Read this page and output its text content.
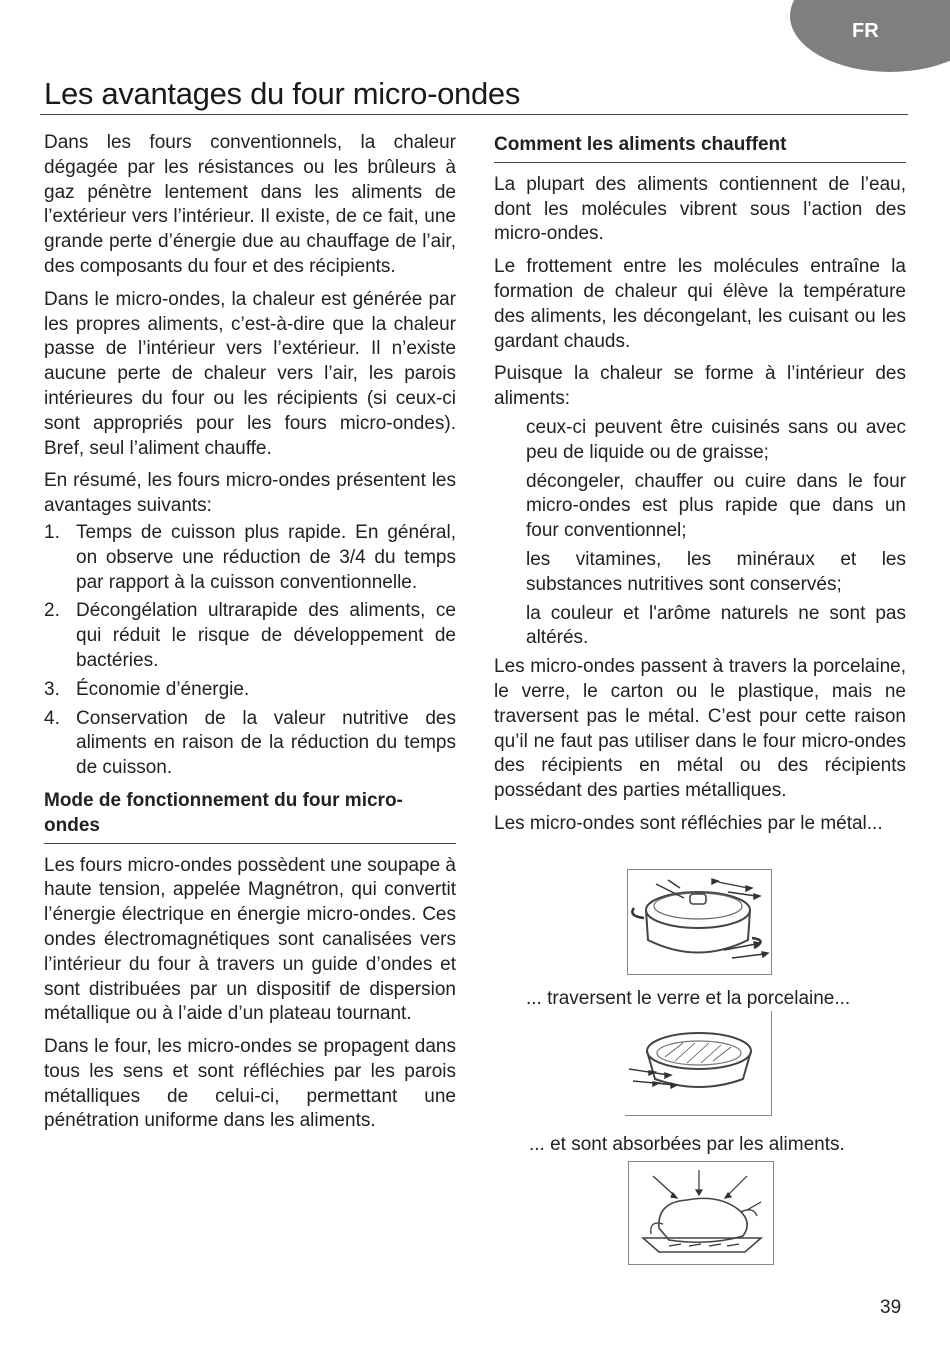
FR
Les avantages du four micro-ondes

Dans les fours conventionnels, la chaleur dégagée par les résistances ou les brûleurs à gaz pénètre lentement dans les aliments de l’extérieur vers l’intérieur. Il existe, de ce fait, une grande perte d’énergie due au chauffage de l’air, des composants du four et des récipients.

Dans le micro-ondes, la chaleur est générée par les propres aliments, c’est-à-dire que la chaleur passe de l’intérieur vers l’extérieur. Il n’existe aucune perte de chaleur vers l’air, les parois intérieures du four ou les récipients (si ceux-ci sont appropriés pour les fours micro-ondes). Bref, seul l’aliment chauffe.

En résumé, les fours micro-ondes présentent les avantages suivants:

1. Temps de cuisson plus rapide. En général, on observe une réduction de 3/4 du temps par rapport à la cuisson conventionnelle.
2. Décongélation ultrarapide des aliments, ce qui réduit le risque de développement de bactéries.
3. Économie d’énergie.
4. Conservation de la valeur nutritive des aliments en raison de la réduction du temps de cuisson.
Mode de fonctionnement du four micro-ondes

Les fours micro-ondes possèdent une soupape à haute tension, appelée Magnétron, qui convertit l’énergie électrique en énergie micro-ondes. Ces ondes électromagnétiques sont canalisées vers l’intérieur du four à travers un guide d’ondes et sont distribuées par un dispositif de dispersion métallique ou à l’aide d’un plateau tournant.

Dans le four, les micro-ondes se propagent dans tous les sens et sont réfléchies par les parois métalliques de celui-ci, permettant une pénétration uniforme dans les aliments.

Comment les aliments chauffent

La plupart des aliments contiennent de l’eau, dont les molécules vibrent sous l’action des micro-ondes.

Le frottement entre les molécules entraîne la formation de chaleur qui élève la température des aliments, les décongelant, les cuisant ou les gardant chauds.

Puisque la chaleur se forme à l’intérieur des aliments:

ceux-ci peuvent être cuisinés sans ou avec peu de liquide ou de graisse;
décongeler, chauffer ou cuire dans le four micro-ondes est plus rapide que dans un four conventionnel;
les vitamines, les minéraux et les substances nutritives sont conservés;
la couleur et l'arôme naturels ne sont pas altérés.

Les micro-ondes passent à travers la porcelaine, le verre, le carton ou le plastique, mais ne traversent pas le métal. C’est pour cette raison qu’il ne faut pas utiliser dans le four micro-ondes des récipients en métal ou des récipients possédant des parties métalliques.

Les micro-ondes sont réfléchies par le métal...

... traversent le verre et la porcelaine...
... et sont absorbées par les aliments.
39
